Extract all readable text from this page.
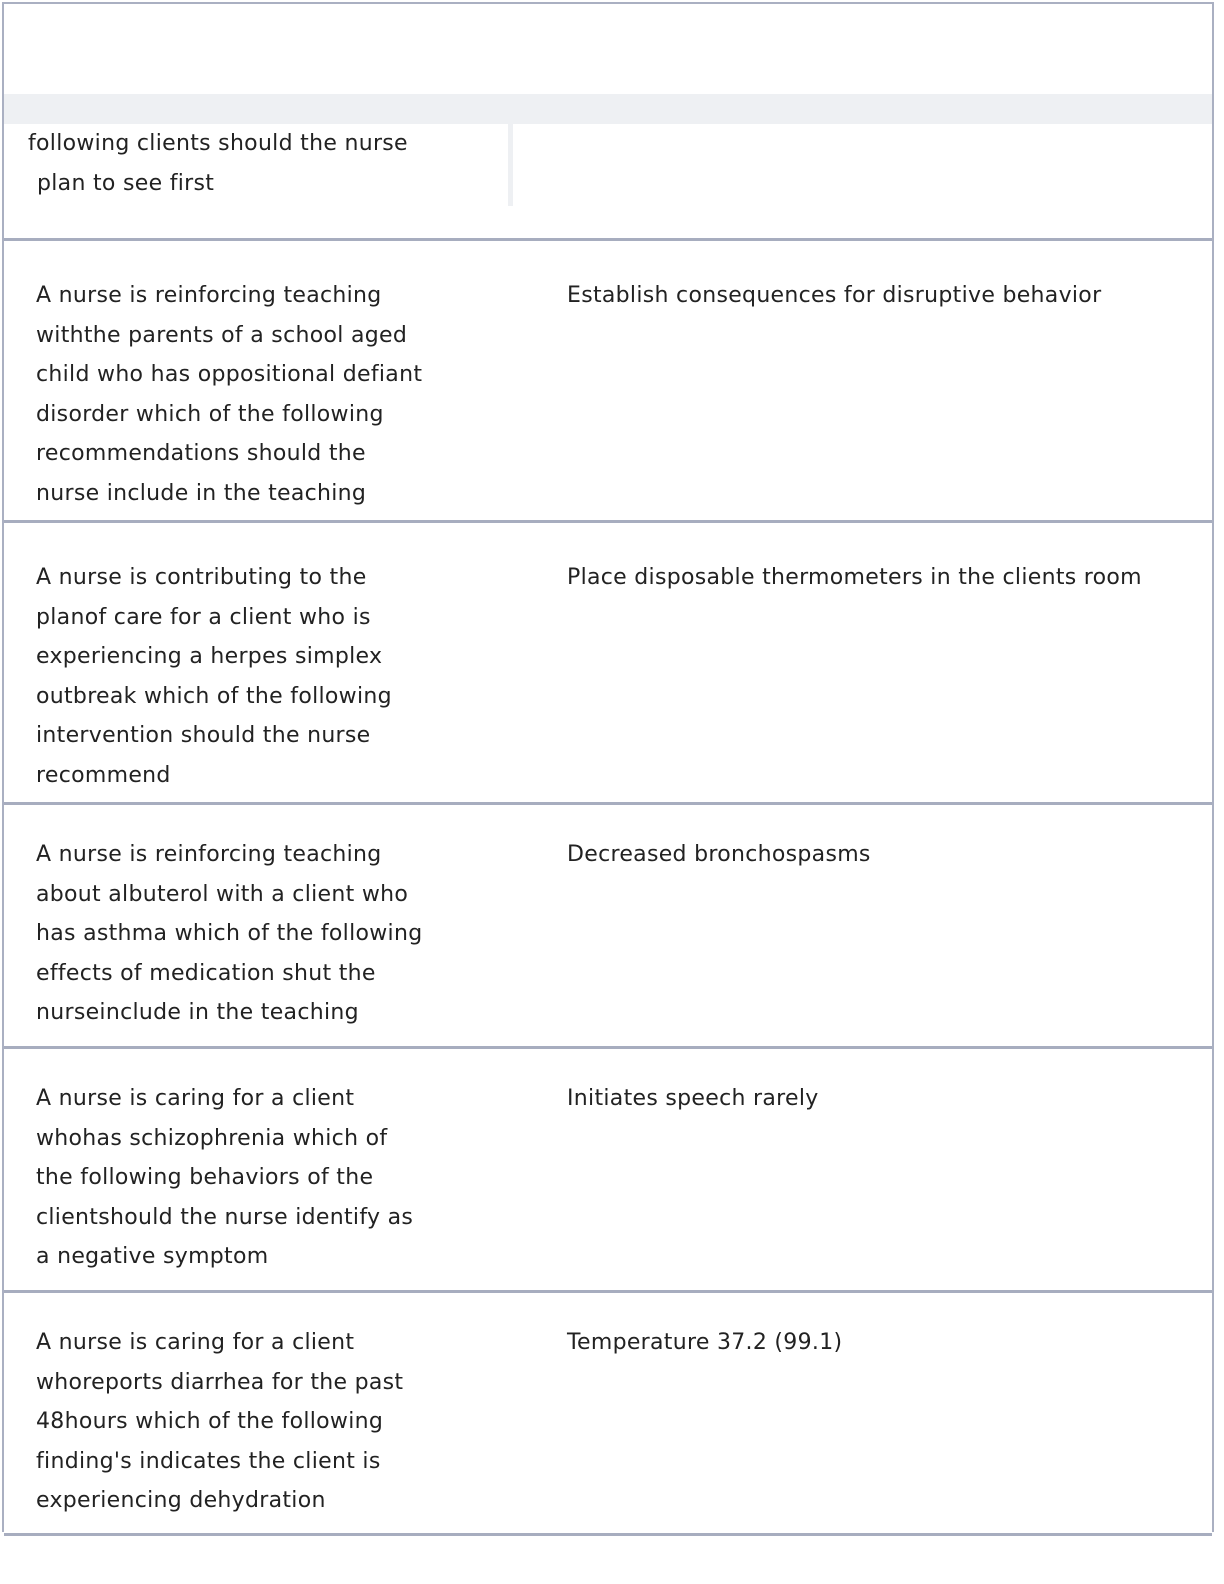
following clients should the nurse
plan to see first
A nurse is reinforcing teaching
withthe parents of a school aged
child who has oppositional defiant
disorder which of the following
recommendations should the
nurse include in the teaching
Establish consequences for disruptive behavior
A nurse is contributing to the
planof care for a client who is
experiencing a herpes simplex
outbreak which of the following
intervention should the nurse
recommend
Place disposable thermometers in the clients room
A nurse is reinforcing teaching
about albuterol with a client who
has asthma which of the following
effects of medication shut the
nurseinclude in the teaching
Decreased bronchospasms
A nurse is caring for a client
whohas schizophrenia which of
the following behaviors of the
clientshould the nurse identify as
a negative symptom
Initiates speech rarely
A nurse is caring for a client
whoreports diarrhea for the past
48hours which of the following
finding's indicates the client is
experiencing dehydration
Temperature 37.2 (99.1)
